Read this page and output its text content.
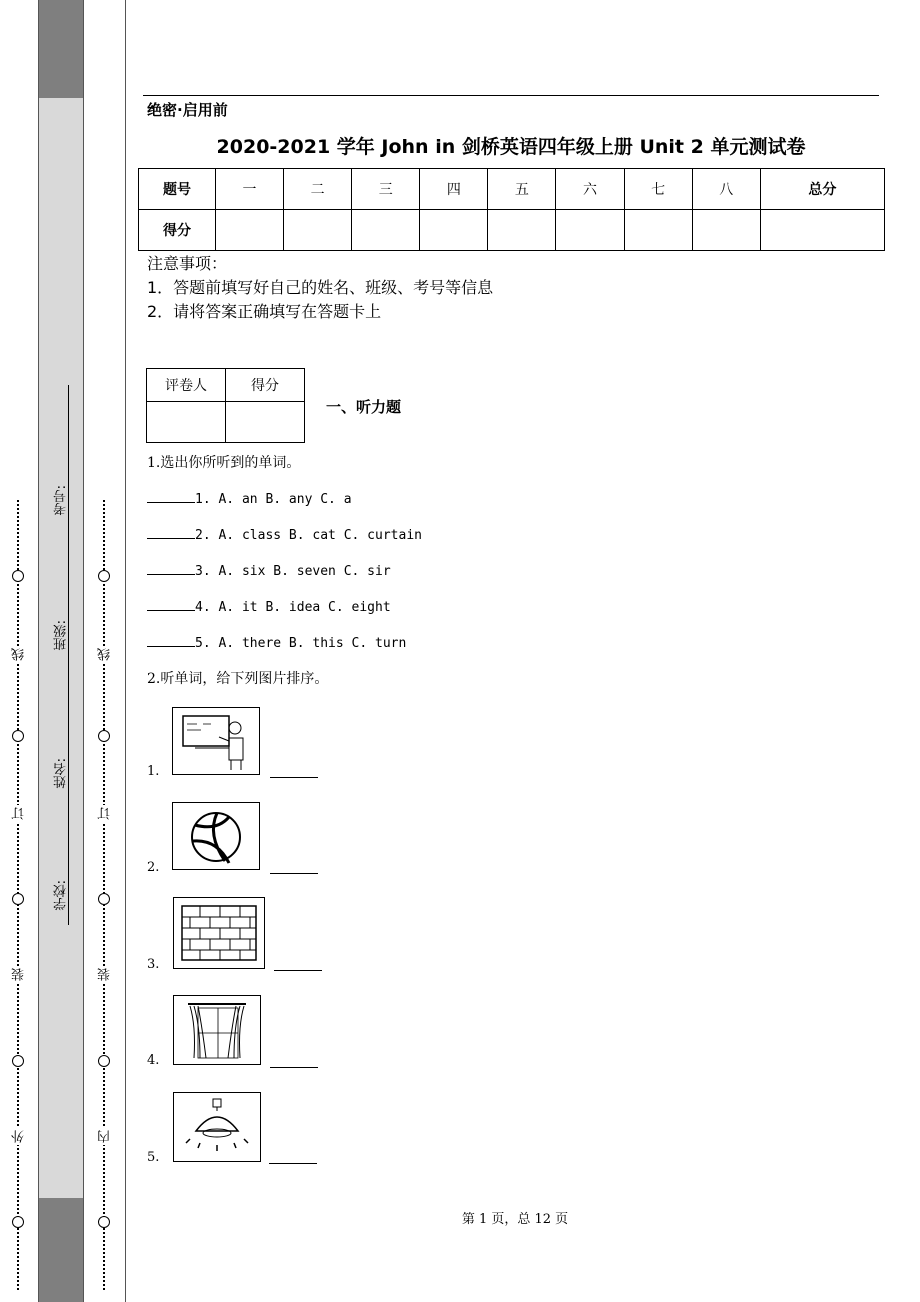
外
装
订
线
学校:
姓名:
班级:
考号:
内
装
订
线
绝密·启用前
2020-2021 学年 John in 剑桥英语四年级上册 Unit 2 单元测试卷
题号	一	二	三	四	五	六	七	八	总分
得分									
注意事项：
1．答题前填写好自己的姓名、班级、考号等信息
2．请将答案正确填写在答题卡上
评卷人	得分

一、听力题
1.选出你所听到的单词。
1. A. an B. any C. a
2. A. class B. cat C. curtain
3. A. six B. seven C. sir
4. A. it B. idea C. eight
5. A. there B. this C. turn
2.听单词，给下列图片排序。
1.
2.
3.
4.
5.
第 1 页，总 12 页
